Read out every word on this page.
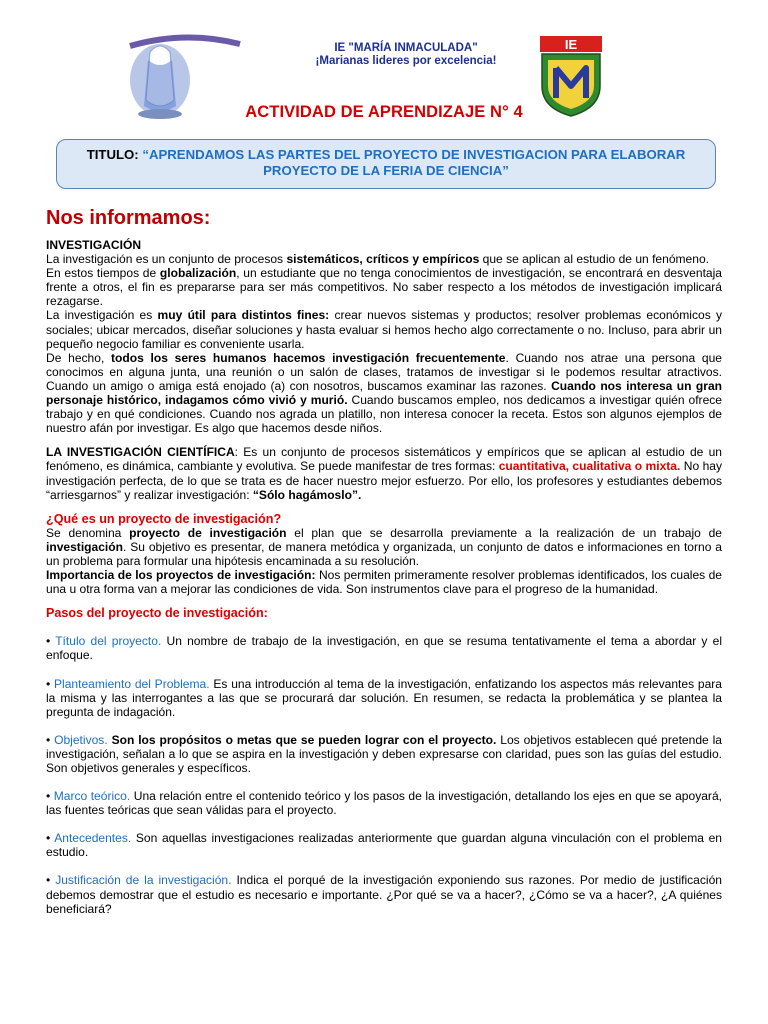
IE "MARÍA INMACULADA"
¡Marianas lideres por excelencia!
IE
ACTIVIDAD DE APRENDIZAJE N° 4
TITULO: “APRENDAMOS LAS PARTES DEL PROYECTO DE INVESTIGACION PARA ELABORAR PROYECTO DE LA FERIA DE CIENCIA”
Nos informamos:

INVESTIGACIÓN

La investigación es un conjunto de procesos sistemáticos, críticos y empíricos que se aplican al estudio de un fenómeno.

En estos tiempos de globalización, un estudiante que no tenga conocimientos de investigación, se encontrará en desventaja frente a otros, el fin es prepararse para ser más competitivos. No saber respecto a los métodos de investigación implicará rezagarse.

La investigación es muy útil para distintos fines: crear nuevos sistemas y productos; resolver problemas económicos y sociales; ubicar mercados, diseñar soluciones y hasta evaluar si hemos hecho algo correctamente o no. Incluso, para abrir un pequeño negocio familiar es conveniente usarla.

De hecho, todos los seres humanos hacemos investigación frecuentemente. Cuando nos atrae una persona que conocimos en alguna junta, una reunión o un salón de clases, tratamos de investigar si le podemos resultar atractivos. Cuando un amigo o amiga está enojado (a) con nosotros, buscamos examinar las razones. Cuando nos interesa un gran personaje histórico, indagamos cómo vivió y murió. Cuando buscamos empleo, nos dedicamos a investigar quién ofrece trabajo y en qué condiciones. Cuando nos agrada un platillo, non interesa conocer la receta. Estos son algunos ejemplos de nuestro afán por investigar. Es algo que hacemos desde niños.

LA INVESTIGACIÓN CIENTÍFICA: Es un conjunto de procesos sistemáticos y empíricos que se aplican al estudio de un fenómeno, es dinámica, cambiante y evolutiva. Se puede manifestar de tres formas: cuantitativa, cualitativa o mixta. No hay investigación perfecta, de lo que se trata es de hacer nuestro mejor esfuerzo. Por ello, los profesores y estudiantes debemos “arriesgarnos” y realizar investigación: “Sólo hagámoslo”.

¿Qué es un proyecto de investigación?

Se denomina proyecto de investigación el plan que se desarrolla previamente a la realización de un trabajo de investigación. Su objetivo es presentar, de manera metódica y organizada, un conjunto de datos e informaciones en torno a un problema para formular una hipótesis encaminada a su resolución.

Importancia de los proyectos de investigación: Nos permiten primeramente resolver problemas identificados, los cuales de una u otra forma van a mejorar las condiciones de vida. Son instrumentos clave para el progreso de la humanidad.

Pasos del proyecto de investigación:

• Título del proyecto. Un nombre de trabajo de la investigación, en que se resuma tentativamente el tema a abordar y el enfoque.

• Planteamiento del Problema. Es una introducción al tema de la investigación, enfatizando los aspectos más relevantes para la misma y las interrogantes a las que se procurará dar solución. En resumen, se redacta la problemática y se plantea la pregunta de indagación.

• Objetivos. Son los propósitos o metas que se pueden lograr con el proyecto. Los objetivos establecen qué pretende la investigación, señalan a lo que se aspira en la investigación y deben expresarse con claridad, pues son las guías del estudio. Son objetivos generales y específicos.

• Marco teórico. Una relación entre el contenido teórico y los pasos de la investigación, detallando los ejes en que se apoyará, las fuentes teóricas que sean válidas para el proyecto.

• Antecedentes. Son aquellas investigaciones realizadas anteriormente que guardan alguna vinculación con el problema en estudio.

• Justificación de la investigación. Indica el porqué de la investigación exponiendo sus razones. Por medio de justificación debemos demostrar que el estudio es necesario e importante. ¿Por qué se va a hacer?, ¿Cómo se va a hacer?, ¿A quiénes beneficiará?
